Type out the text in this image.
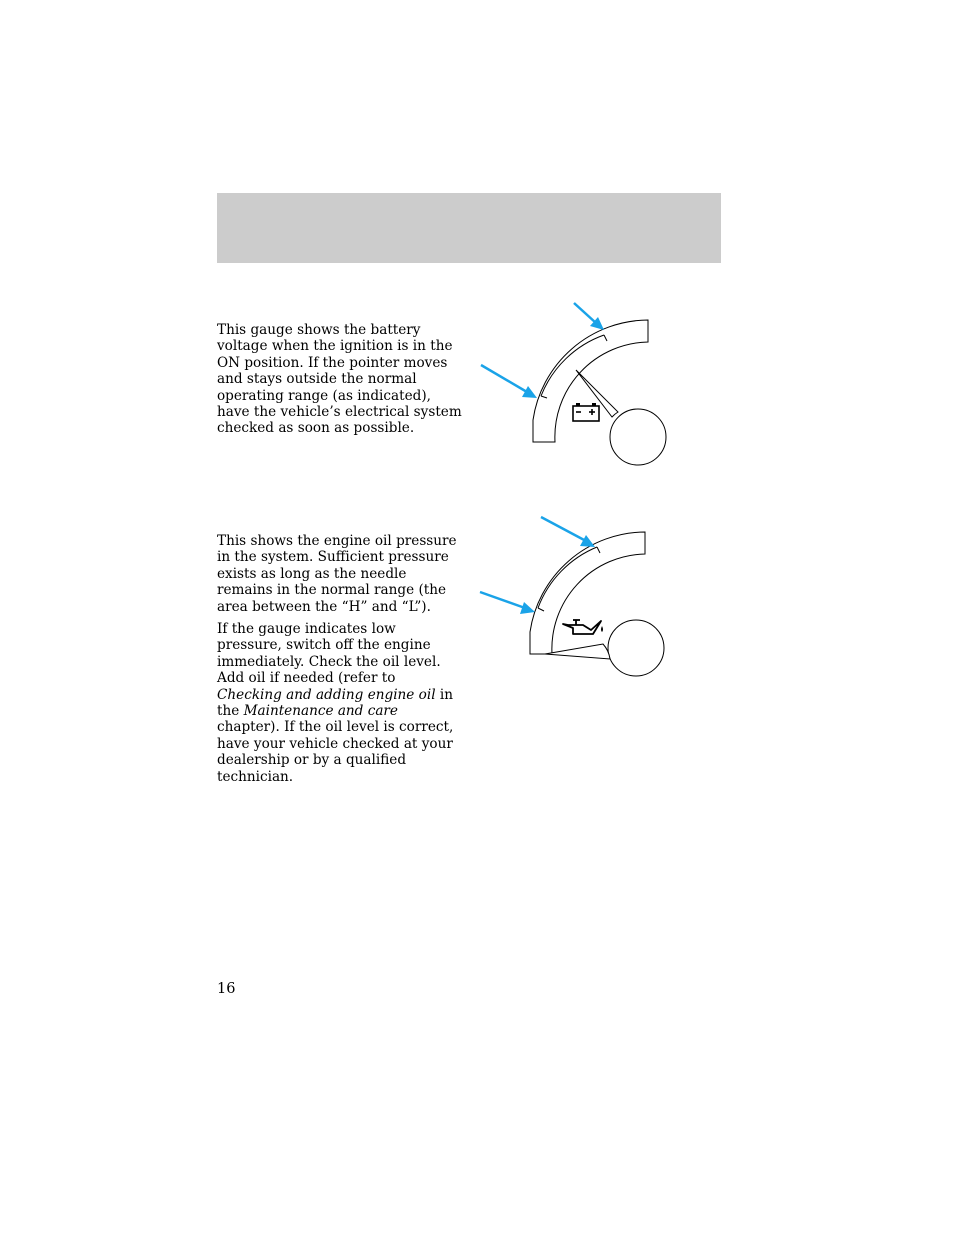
This gauge shows the battery voltage when the ignition is in the ON position. If the pointer moves and stays outside the normal operating range (as indicated), have the vehicle’s electrical system checked as soon as possible.

This shows the engine oil pressure in the system. Sufficient pressure exists as long as the needle remains in the normal range (the area between the “H” and “L”).

If the gauge indicates low pressure, switch off the engine immediately. Check the oil level. Add oil if needed (refer to Checking and adding engine oil in the Maintenance and care chapter). If the oil level is correct, have your vehicle checked at your dealership or by a qualified technician.

16
